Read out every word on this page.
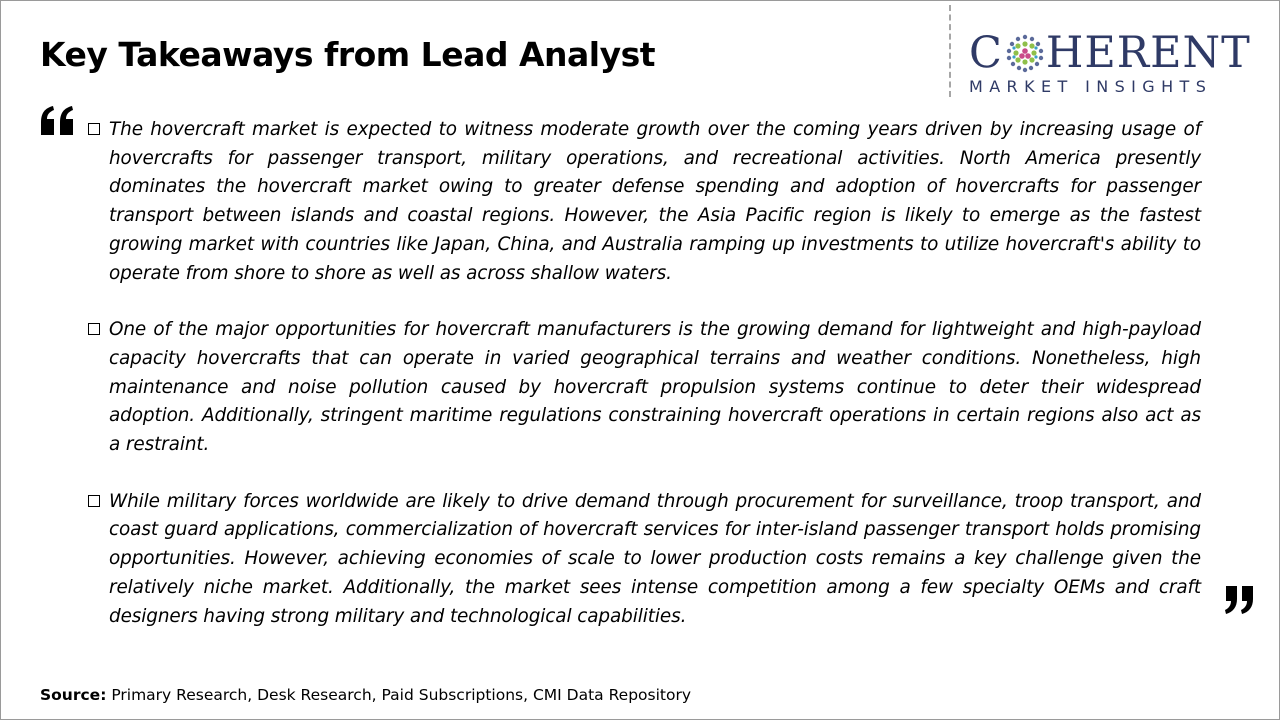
Key Takeaways from Lead Analyst	C HERENT
MARKET INSIGHTS

The hovercraft market is expected to witness moderate growth over the coming years driven by increasing usage of hovercrafts for passenger transport, military operations, and recreational activities. North America presently dominates the hovercraft market owing to greater defense spending and adoption of hovercrafts for passenger transport between islands and coastal regions. However, the Asia Pacific region is likely to emerge as the fastest growing market with countries like Japan, China, and Australia ramping up investments to utilize hovercraft's ability to operate from shore to shore as well as across shallow waters.

One of the major opportunities for hovercraft manufacturers is the growing demand for lightweight and high-payload capacity hovercrafts that can operate in varied geographical terrains and weather conditions. Nonetheless, high maintenance and noise pollution caused by hovercraft propulsion systems continue to deter their widespread adoption. Additionally, stringent maritime regulations constraining hovercraft operations in certain regions also act as a restraint.

While military forces worldwide are likely to drive demand through procurement for surveillance, troop transport, and coast guard applications, commercialization of hovercraft services for inter-island passenger transport holds promising opportunities. However, achieving economies of scale to lower production costs remains a key challenge given the relatively niche market. Additionally, the market sees intense competition among a few specialty OEMs and craft designers having strong military and technological capabilities.

Source: Primary Research, Desk Research, Paid Subscriptions, CMI Data Repository
